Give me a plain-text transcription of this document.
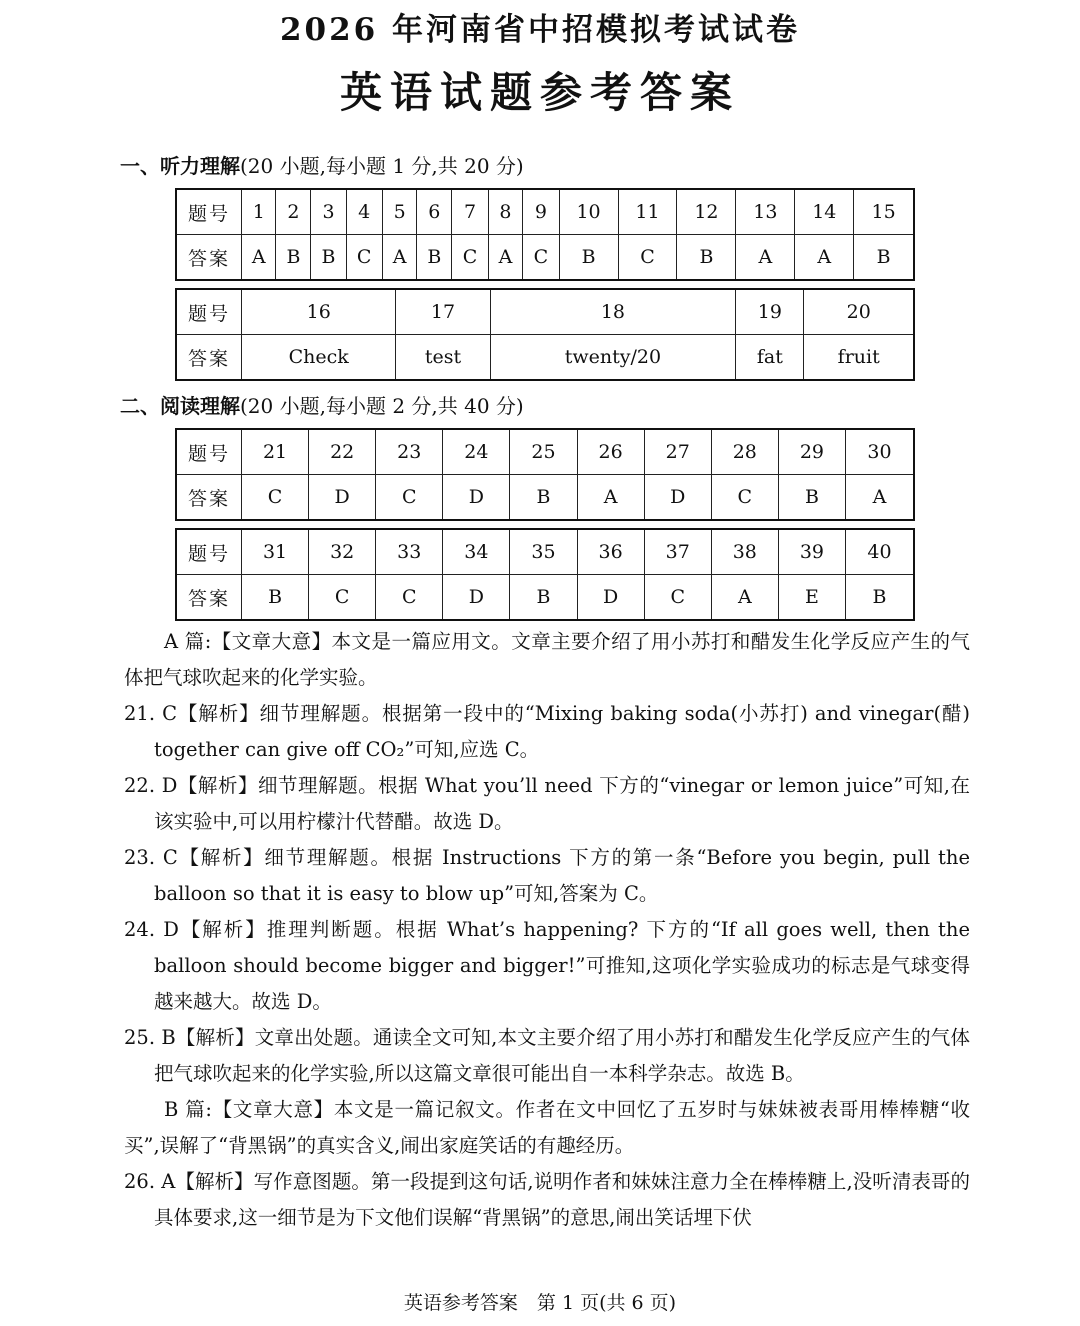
2026 年河南省中招模拟考试试卷
英语试题参考答案
一、听力理解(20 小题,每小题 1 分,共 20 分)
题号	1	2	3	4	5	6	7	8	9	10	11	12	13	14	15
答案	A	B	B	C	A	B	C	A	C	B	C	B	A	A	B
题号	16	17	18	19	20
答案	Check	test	twenty/20	fat	fruit
二、阅读理解(20 小题,每小题 2 分,共 40 分)
题号	21	22	23	24	25	26	27	28	29	30
答案	C	D	C	D	B	A	D	C	B	A
题号	31	32	33	34	35	36	37	38	39	40
答案	B	C	C	D	B	D	C	A	E	B

A 篇:【文章大意】本文是一篇应用文。文章主要介绍了用小苏打和醋发生化学反应产生的气体把气球吹起来的化学实验。

21. C【解析】细节理解题。根据第一段中的“Mixing baking soda(小苏打) and vinegar(醋) together can give off CO₂”可知,应选 C。

22. D【解析】细节理解题。根据 What you’ll need 下方的“vinegar or lemon juice”可知,在该实验中,可以用柠檬汁代替醋。故选 D。

23. C【解析】细节理解题。根据 Instructions 下方的第一条“Before you begin, pull the balloon so that it is easy to blow up”可知,答案为 C。

24. D【解析】推理判断题。根据 What’s happening? 下方的“If all goes well, then the balloon should become bigger and bigger!”可推知,这项化学实验成功的标志是气球变得越来越大。故选 D。

25. B【解析】文章出处题。通读全文可知,本文主要介绍了用小苏打和醋发生化学反应产生的气体把气球吹起来的化学实验,所以这篇文章很可能出自一本科学杂志。故选 B。

B 篇:【文章大意】本文是一篇记叙文。作者在文中回忆了五岁时与妹妹被表哥用棒棒糖“收买”,误解了“背黑锅”的真实含义,闹出家庭笑话的有趣经历。

26. A【解析】写作意图题。第一段提到这句话,说明作者和妹妹注意力全在棒棒糖上,没听清表哥的具体要求,这一细节是为下文他们误解“背黑锅”的意思,闹出笑话埋下伏

英语参考答案　第 1 页(共 6 页)
